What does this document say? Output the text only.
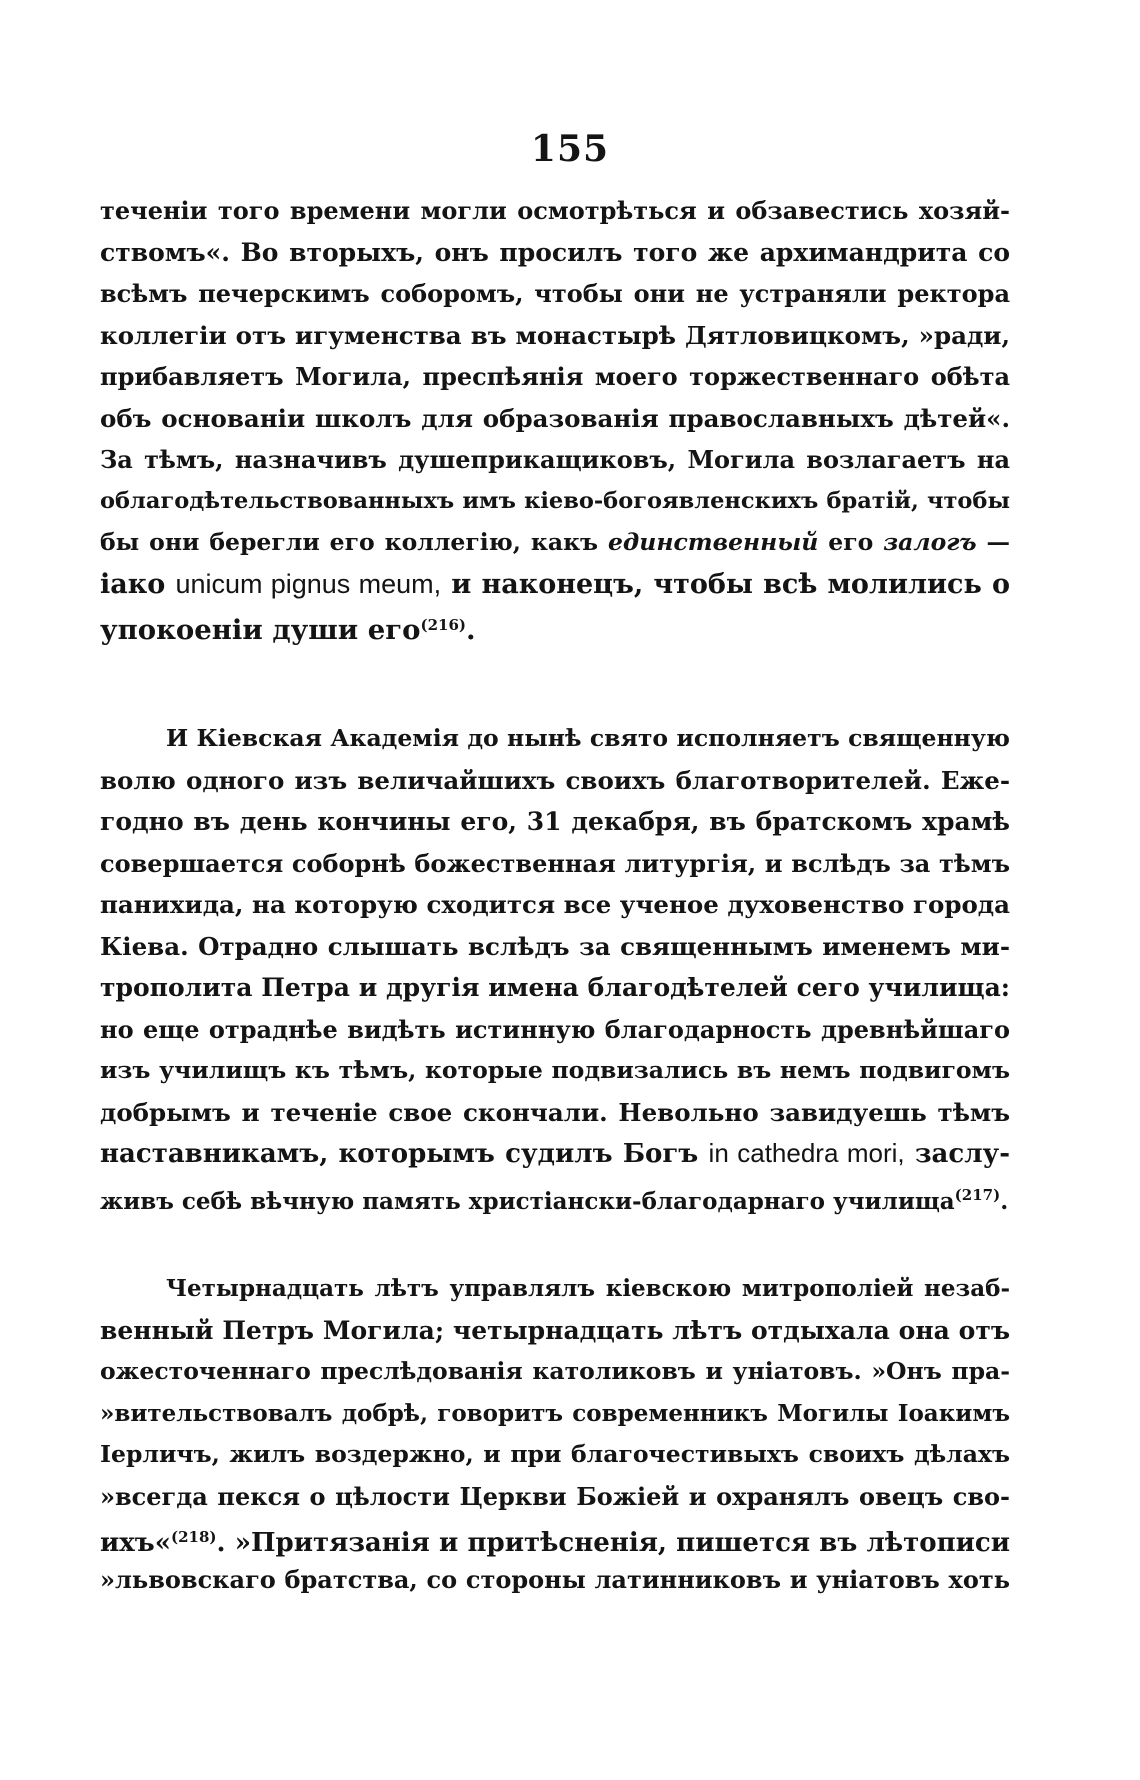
155
теченіи того времени могли осмотрѣться и обзавестись хозяй-
ствомъ«. Во вторыхъ, онъ просилъ того же архимандрита со
всѣмъ печерскимъ соборомъ, чтобы они не устраняли ректора
коллегіи отъ игуменства въ монастырѣ Дятловицкомъ, »ради,
прибавляетъ Могила, преспѣянія моего торжественнаго обѣта
объ основаніи школъ для образованія православныхъ дѣтей«.
За тѣмъ, назначивъ душеприкащиковъ, Могила возлагаетъ на
облагодѣтельствованныхъ имъ кіево-богоявленскихъ братій, чтобы
бы они берегли его коллегію, какъ единственный его залогъ —
іако unicum pignus meum, и наконецъ, чтобы всѣ молились о
упокоеніи души его$^{(216)}$.
И Кіевская Академія до нынѣ свято исполняетъ священную
волю одного изъ величайшихъ своихъ благотворителей. Еже-
годно въ день кончины его, 31 декабря, въ братскомъ храмѣ
совершается соборнѣ божественная литургія, и вслѣдъ за тѣмъ
панихида, на которую сходится все ученое духовенство города
Кіева. Отрадно слышать вслѣдъ за священнымъ именемъ ми-
трополита Петра и другія имена благодѣтелей сего училища:
но еще отраднѣе видѣть истинную благодарность древнѣйшаго
изъ училищъ къ тѣмъ, которые подвизались въ немъ подвигомъ
добрымъ и теченіе свое скончали. Невольно завидуешь тѣмъ
наставникамъ, которымъ судилъ Богъ in cathedra mori, заслу-
живъ себѣ вѣчную память христіански-благодарнаго училища$^{(217)}$.
Четырнадцать лѣтъ управлялъ кіевскою митрополіей незаб-
венный Петръ Могила; четырнадцать лѣтъ отдыхала она отъ
ожесточеннаго преслѣдованія католиковъ и уніатовъ. »Онъ пра-
»вительствовалъ добрѣ, говоритъ современникъ Могилы Іоакимъ
Іерличъ, жилъ воздержно, и при благочестивыхъ своихъ дѣлахъ
»всегда пекся о цѣлости Церкви Божіей и охранялъ овецъ сво-
ихъ«$^{(218)}$. »Притязанія и притѣсненія, пишется въ лѣтописи
»львовскаго братства, со стороны латинниковъ и уніатовъ хоть
